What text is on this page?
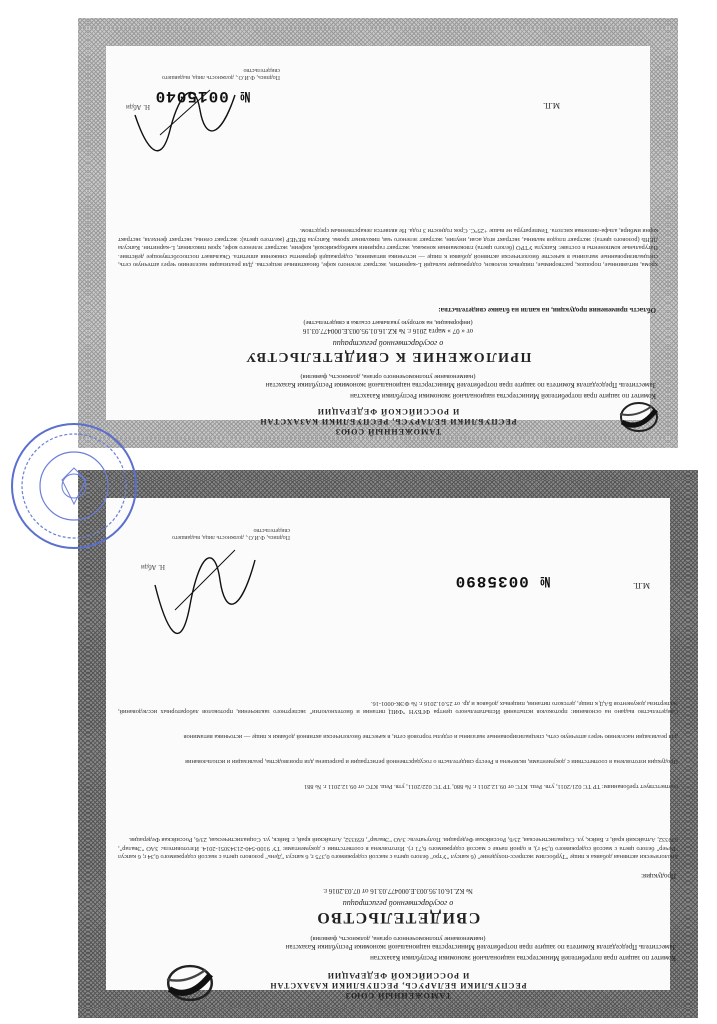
ТАМОЖЕННЫЙ СОЮЗ
РЕСПУБЛИКИ БЕЛАРУСЬ, РЕСПУБЛИКИ КАЗАХСТАН
И РОССИЙСКОЙ ФЕДЕРАЦИИ
Комитет по защите прав потребителей Министерства национальной экономики Республики Казахстан
Заместитель Председателя Комитета по защите прав потребителей Министерства национальной экономики Республики Казахстан
(наименование уполномоченного органа, должность, фамилия)
ПРИЛОЖЕНИЕ К СВИДЕТЕЛЬСТВУ
о государственной регистрации
от « 07 » марта 2016 г. № KZ.16.01.95.003.E.000477.03.16
(информация, на которую указывает ссылка в свидетельстве)
Область применения продукции, на капли на бланке свидетельства:
хрома, витаминные, порошок, растворимые, пищевых волокон, содержащие кальций L-карнитин, экстракт зеленого кофе, биоактивные вещества. Для реализации населению через аптечную сеть, специализированные магазины в качестве биологически активной добавки к пище — источника витаминов, содержащей ферменты снижения аппетита. Оказывает поспособствующее действие. Натуральные компоненты в составе: Капсула УТРО (белого цвета) глюкоманнан конжака, экстракт гарцинии камбоджийской, кофеин, экстракт зеленого кофе, хром пиколинат, L-карнитин. Капсула ДЕНЬ (розового цвета): экстракт плодов малины, экстракт ягод асаи, инулин, экстракт зеленого чая, пиколинат хрома. Капсула ВЕЧЕР (желтого цвета): экстракт сенны, экстракт фенхеля, экстракт корня имбиря, альфа-липоевая кислота. Температура не выше +25°С. Срок годности 3 года. Не является лекарственным средством.
№ 0015040
М.П.
Подпись, Ф.И.О., должность лица, выдавшего свидетельство
Н. Абди
ТАМОЖЕННЫЙ СОЮЗ
РЕСПУБЛИКИ БЕЛАРУСЬ, РЕСПУБЛИКИ КАЗАХСТАН
И РОССИЙСКОЙ ФЕДЕРАЦИИ
Комитет по защите прав потребителей Министерства национальной экономики Республики Казахстан
Заместитель Председателя Комитета по защите прав потребителей Министерства национальной экономики Республики Казахстан
(наименование уполномоченного органа, должность, фамилия)
СВИДЕТЕЛЬСТВО
о государственной регистрации
№ KZ.16.01.95.003.E.000477.03.16 от 07.03.2016 г.
Продукция:
Биологически активная добавка к пище "Турбослим экспресс-похудение" (6 капсул "Утро" белого цвета с массой содержимого 0,375 г, 6 капсул "День" розового цвета с массой содержимого 0,34 г, 6 капсул "Вечер" белого цвета с массой содержимого 0,34 г), в одной пачке с массой содержимого 6,71 г). Изготовлена в соответствии с документами: ТУ 9100-540-21343051-2014. Изготовитель: ЗАО "Эвалар", 659332, Алтайский край, г. Бийск, ул. Социалистическая, 23/6, Российская Федерация. Получатель: ЗАО "Эвалар", 659332, Алтайский край, г. Бийск, ул. Социалистическая, 23/6, Российская Федерация.
соответствует требованиям: ТР ТС 021/2011, утв. Реш. КТС от 09.12.2011 г. № 880, ТР ТС 022/2011, утв. Реш. КТС от 09.12.2011 г. № 881
Продукция изготовлена в соответствии с документами, включена в Реестр свидетельств о государственной регистрации и разрешена для производства, реализации и использования
для реализации населению через аптечную сеть, специализированные магазины и отделы торговой сети, в качестве биологически активной добавки к пище — источника витаминов
Свидетельство выдано на основании: протоколов испытаний Испытательного центра ФГБУН "ФИЦ питания и биотехнологии" экспертного заключения, протоколов лабораторных исследований, экспертизы документов БАД к пище, детского питания, пищевых добавок и др. от 25.01.2016 г. № ФЭК-0001-16.
№ 0035890	М.П.
Подпись, Ф.И.О., должность лица, выдавшего свидетельство
Н. Абди
